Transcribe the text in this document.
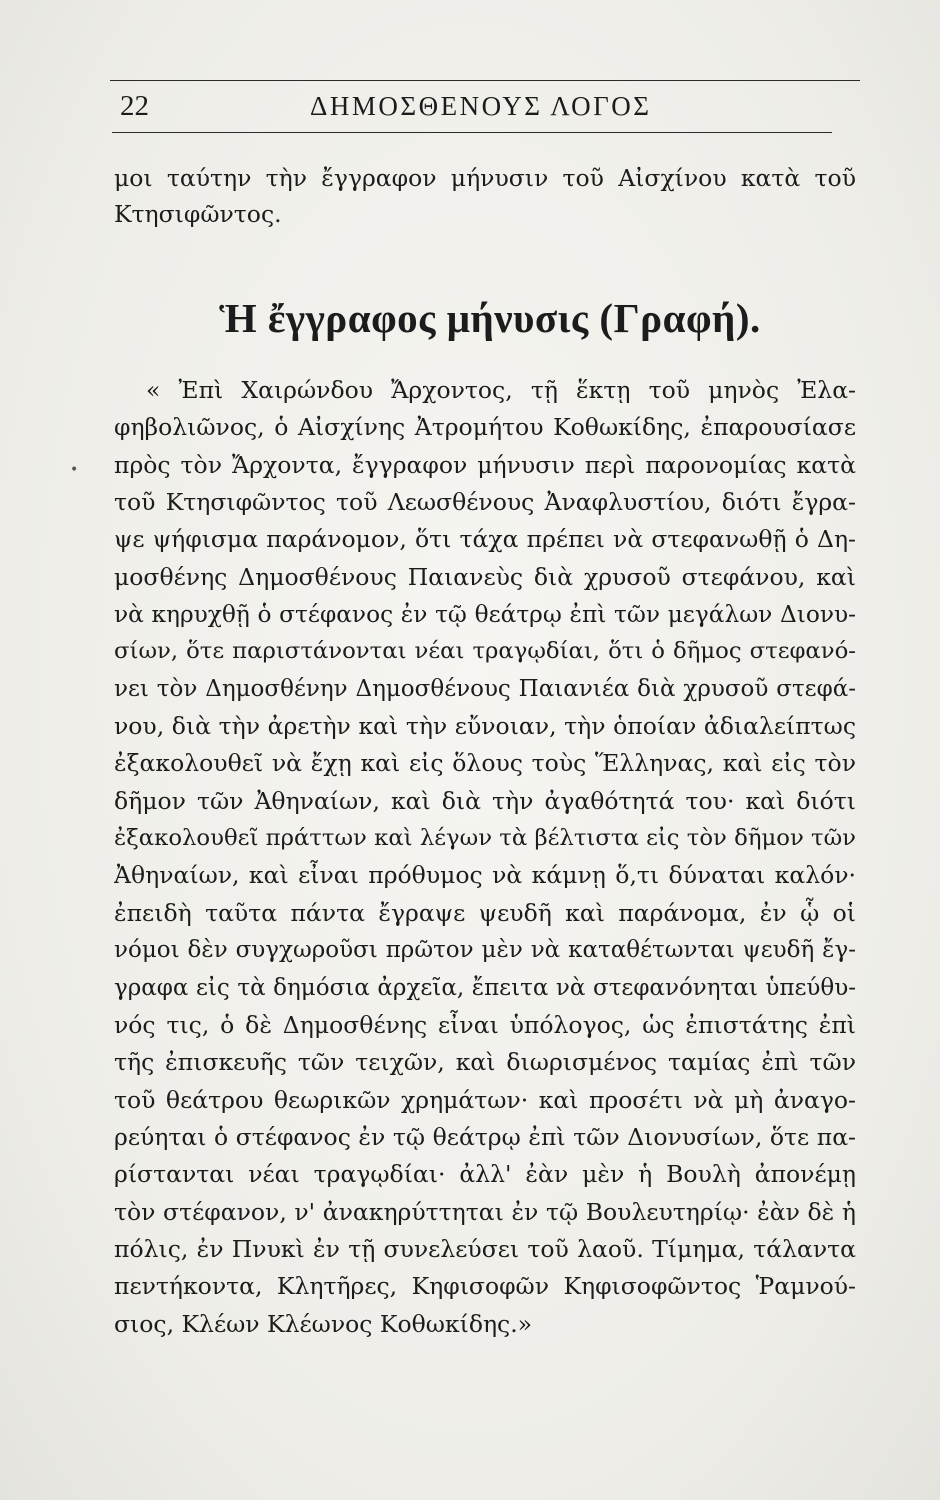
22	ΔΗΜΟΣΘΕΝΟΥΣ ΛΟΓΟΣ
μοι ταύτην τὴν ἔγγραφον μήνυσιν τοῦ Αἰσχίνου κατὰ τοῦ
Κτησιφῶντος.
Ἡ ἔγγραφος μήνυσις (Γραφή).
•
« Ἐπὶ Χαιρώνδου Ἄρχοντος, τῇ ἕκτῃ τοῦ μηνὸς Ἐλα-
φηβολιῶνος, ὁ Αἰσχίνης Ἀτρομήτου Κοθωκίδης, ἐπαρουσίασε
πρὸς τὸν Ἄρχοντα, ἔγγραφον μήνυσιν περὶ παρονομίας κατὰ
τοῦ Κτησιφῶντος τοῦ Λεωσθένους Ἀναφλυστίου, διότι ἔγρα-
ψε ψήφισμα παράνομον, ὅτι τάχα πρέπει νὰ στεφανωθῇ ὁ Δη-
μοσθένης Δημοσθένους Παιανεὺς διὰ χρυσοῦ στεφάνου, καὶ
νὰ κηρυχθῇ ὁ στέφανος ἐν τῷ θεάτρῳ ἐπὶ τῶν μεγάλων Διονυ-
σίων, ὅτε παριστάνονται νέαι τραγῳδίαι, ὅτι ὁ δῆμος στεφανό-
νει τὸν Δημοσθένην Δημοσθένους Παιανιέα διὰ χρυσοῦ στεφά-
νου, διὰ τὴν ἀρετὴν καὶ τὴν εὔνοιαν, τὴν ὁποίαν ἀδιαλείπτως
ἐξακολουθεῖ νὰ ἔχῃ καὶ εἰς ὅλους τοὺς Ἕλληνας, καὶ εἰς τὸν
δῆμον τῶν Ἀθηναίων, καὶ διὰ τὴν ἀγαθότητά του· καὶ διότι
ἐξακολουθεῖ πράττων καὶ λέγων τὰ βέλτιστα εἰς τὸν δῆμον τῶν
Ἀθηναίων, καὶ εἶναι πρόθυμος νὰ κάμνῃ ὅ,τι δύναται καλόν·
ἐπειδὴ ταῦτα πάντα ἔγραψε ψευδῆ καὶ παράνομα, ἐν ᾧ οἱ
νόμοι δὲν συγχωροῦσι πρῶτον μὲν νὰ καταθέτωνται ψευδῆ ἔγ-
γραφα εἰς τὰ δημόσια ἀρχεῖα, ἔπειτα νὰ στεφανόνηται ὑπεύθυ-
νός τις, ὁ δὲ Δημοσθένης εἶναι ὑπόλογος, ὡς ἐπιστάτης ἐπὶ
τῆς ἐπισκευῆς τῶν τειχῶν, καὶ διωρισμένος ταμίας ἐπὶ τῶν
τοῦ θεάτρου θεωρικῶν χρημάτων· καὶ προσέτι νὰ μὴ ἀναγο-
ρεύηται ὁ στέφανος ἐν τῷ θεάτρῳ ἐπὶ τῶν Διονυσίων, ὅτε πα-
ρίστανται νέαι τραγῳδίαι· ἀλλ' ἐὰν μὲν ἡ Βουλὴ ἀπονέμῃ
τὸν στέφανον, ν' ἀνακηρύττηται ἐν τῷ Βουλευτηρίῳ· ἐὰν δὲ ἡ
πόλις, ἐν Πνυκὶ ἐν τῇ συνελεύσει τοῦ λαοῦ. Τίμημα, τάλαντα
πεντήκοντα, Κλητῆρες, Κηφισοφῶν Κηφισοφῶντος Ῥαμνού-
σιος, Κλέων Κλέωνος Κοθωκίδης.»
